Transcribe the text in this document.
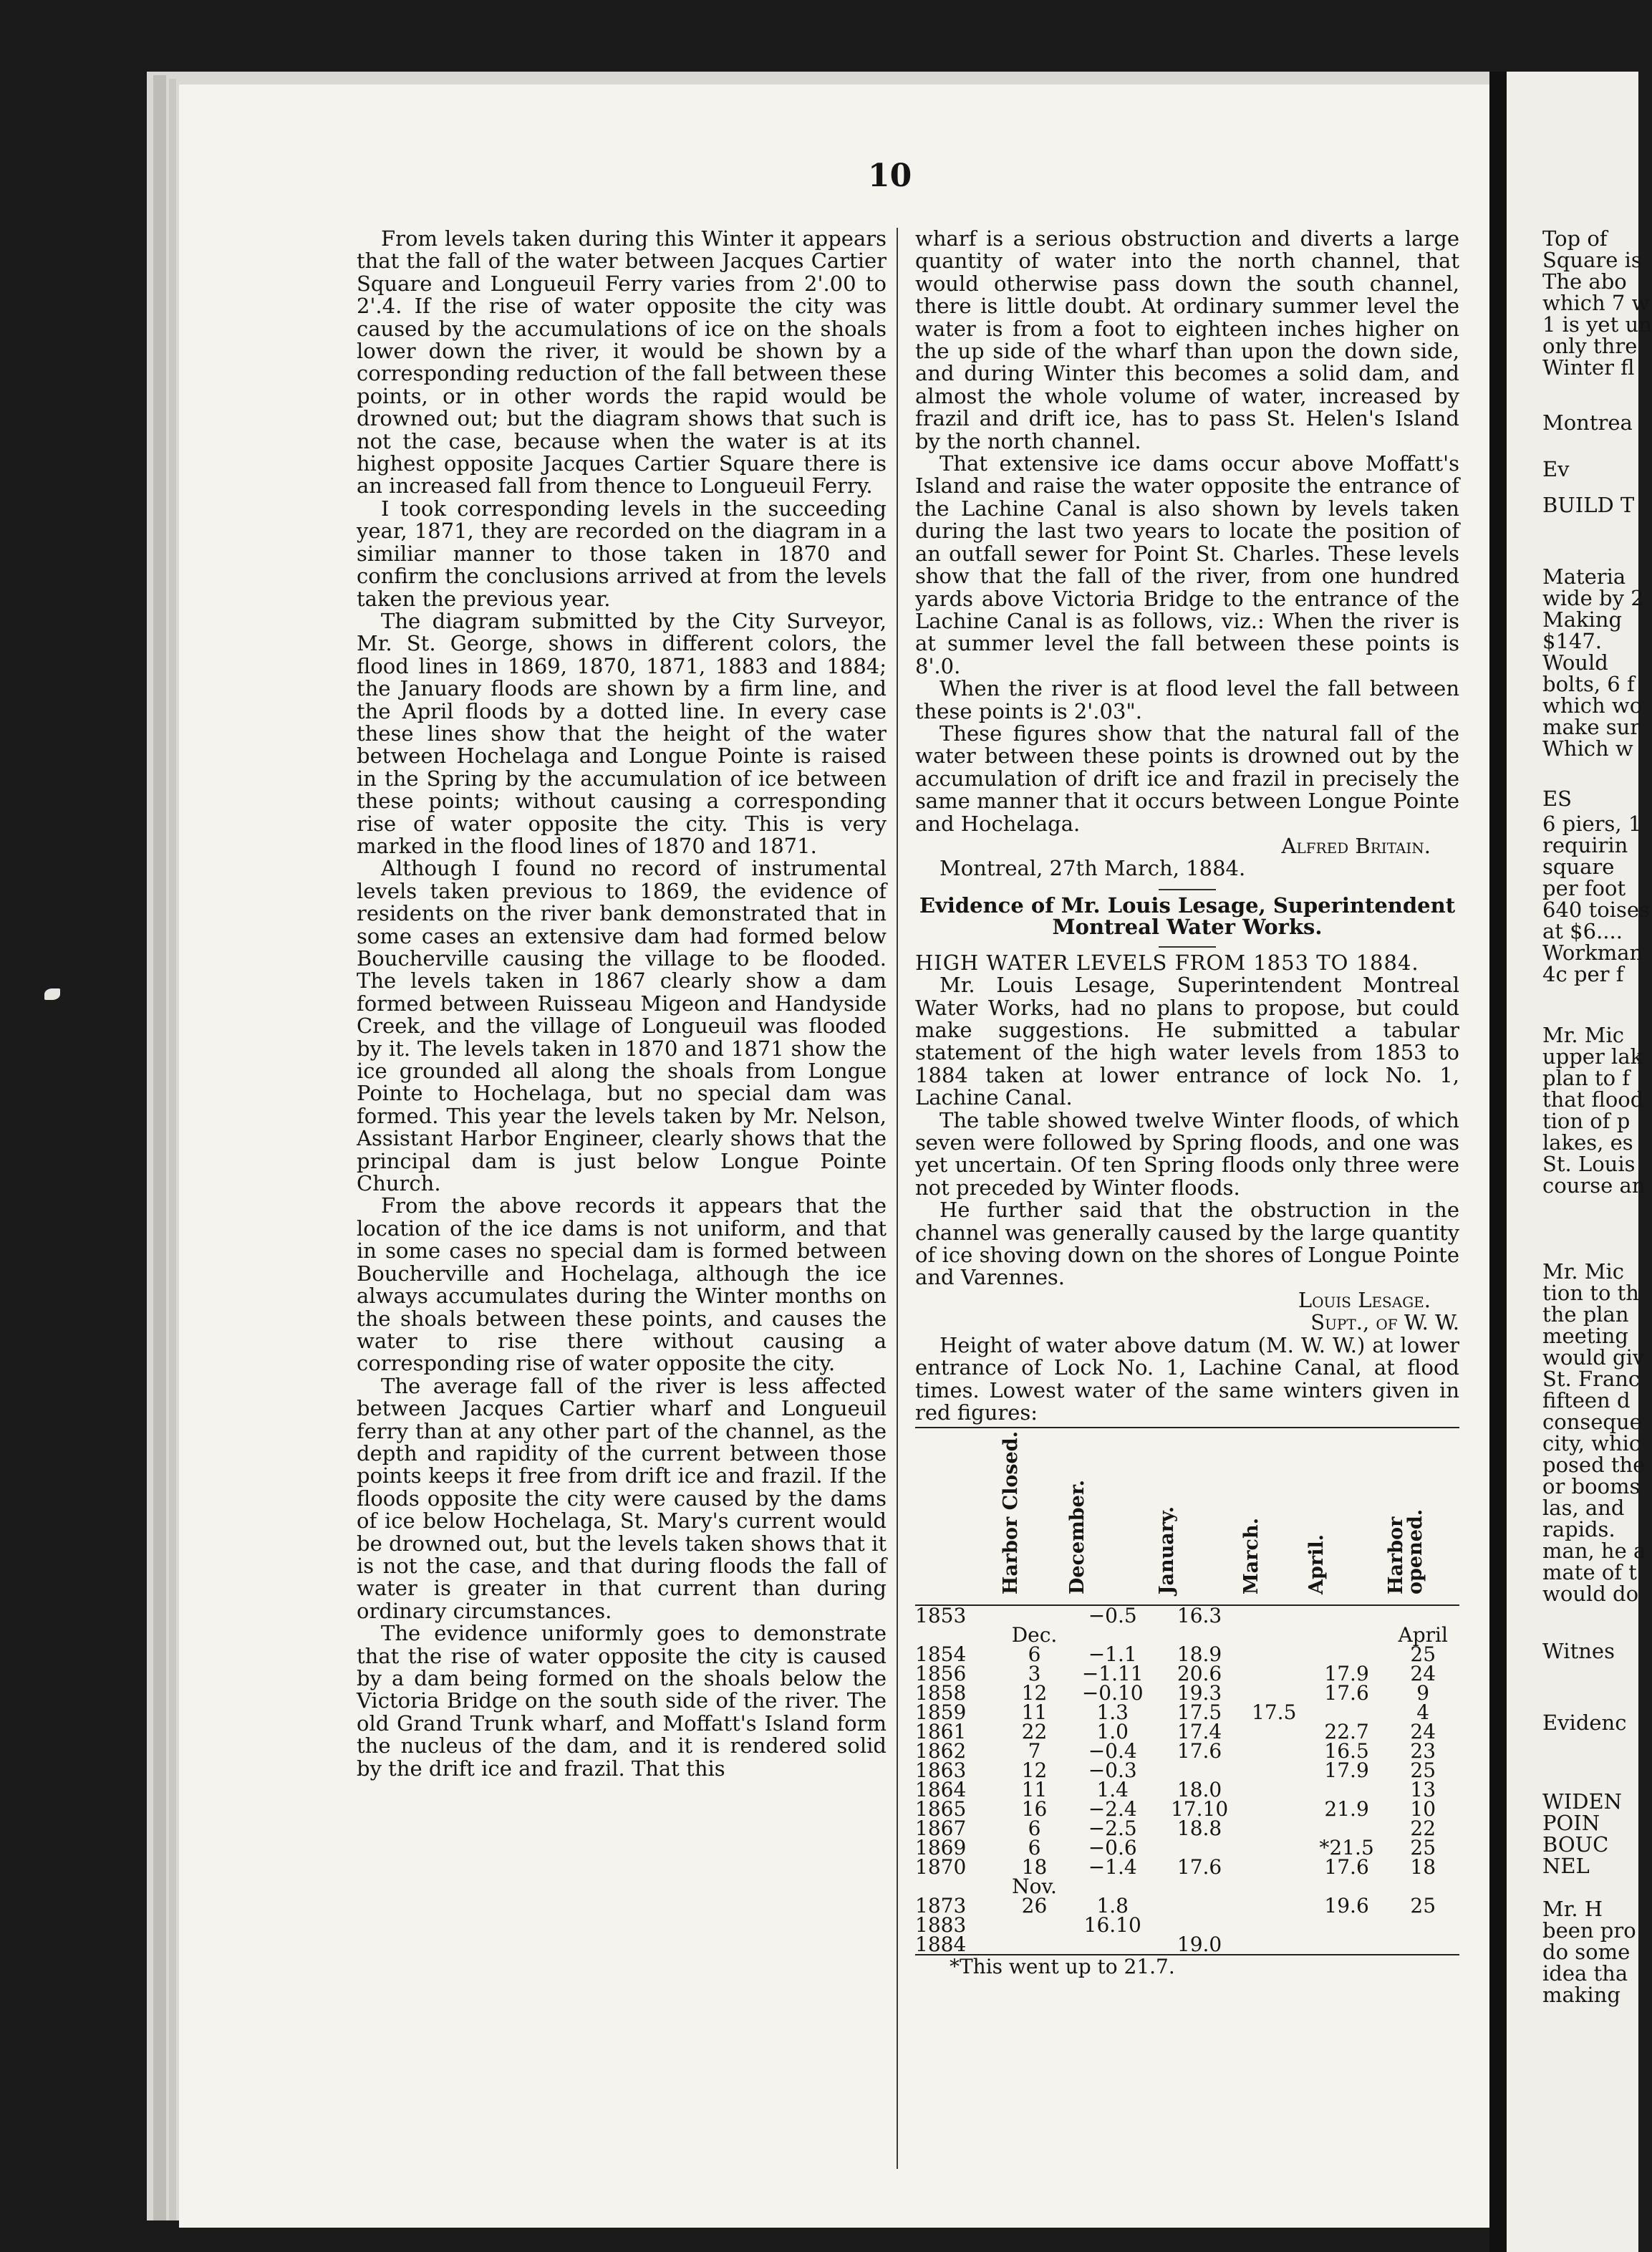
10

From levels taken during this Winter it appears that the fall of the water between Jacques Cartier Square and Longueuil Ferry varies from 2'.00 to 2'.4. If the rise of water opposite the city was caused by the accumulations of ice on the shoals lower down the river, it would be shown by a corresponding reduction of the fall between these points, or in other words the rapid would be drowned out; but the diagram shows that such is not the case, because when the water is at its highest opposite Jacques Cartier Square there is an increased fall from thence to Longueuil Ferry.

I took corresponding levels in the succeeding year, 1871, they are recorded on the diagram in a similiar manner to those taken in 1870 and confirm the conclusions arrived at from the levels taken the previous year.

The diagram submitted by the City Surveyor, Mr. St. George, shows in different colors, the flood lines in 1869, 1870, 1871, 1883 and 1884; the January floods are shown by a firm line, and the April floods by a dotted line. In every case these lines show that the height of the water between Hochelaga and Longue Pointe is raised in the Spring by the accumulation of ice between these points; without causing a corresponding rise of water opposite the city. This is very marked in the flood lines of 1870 and 1871.

Although I found no record of instrumental levels taken previous to 1869, the evidence of residents on the river bank demonstrated that in some cases an extensive dam had formed below Boucherville causing the village to be flooded. The levels taken in 1867 clearly show a dam formed between Ruisseau Migeon and Handyside Creek, and the village of Longueuil was flooded by it. The levels taken in 1870 and 1871 show the ice grounded all along the shoals from Longue Pointe to Hochelaga, but no special dam was formed. This year the levels taken by Mr. Nelson, Assistant Harbor Engineer, clearly shows that the principal dam is just below Longue Pointe Church.

From the above records it appears that the location of the ice dams is not uniform, and that in some cases no special dam is formed between Boucherville and Hochelaga, although the ice always accumulates during the Winter months on the shoals between these points, and causes the water to rise there without causing a corresponding rise of water opposite the city.

The average fall of the river is less affected between Jacques Cartier wharf and Longueuil ferry than at any other part of the channel, as the depth and rapidity of the current between those points keeps it free from drift ice and frazil. If the floods opposite the city were caused by the dams of ice below Hochelaga, St. Mary's current would be drowned out, but the levels taken shows that it is not the case, and that during floods the fall of water is greater in that current than during ordinary circumstances.

The evidence uniformly goes to demonstrate that the rise of water opposite the city is caused by a dam being formed on the shoals below the Victoria Bridge on the south side of the river. The old Grand Trunk wharf, and Moffatt's Island form the nucleus of the dam, and it is rendered solid by the drift ice and frazil. That this

wharf is a serious obstruction and diverts a large quantity of water into the north channel, that would otherwise pass down the south channel, there is little doubt. At ordinary summer level the water is from a foot to eighteen inches higher on the up side of the wharf than upon the down side, and during Winter this becomes a solid dam, and almost the whole volume of water, increased by frazil and drift ice, has to pass St. Helen's Island by the north channel.

That extensive ice dams occur above Moffatt's Island and raise the water opposite the entrance of the Lachine Canal is also shown by levels taken during the last two years to locate the position of an outfall sewer for Point St. Charles. These levels show that the fall of the river, from one hundred yards above Victoria Bridge to the entrance of the Lachine Canal is as follows, viz.: When the river is at summer level the fall between these points is 8'.0.

When the river is at flood level the fall between these points is 2'.03".

These figures show that the natural fall of the water between these points is drowned out by the accumulation of drift ice and frazil in precisely the same manner that it occurs between Longue Pointe and Hochelaga.

Alfred Britain.

Montreal, 27th March, 1884.

Evidence of Mr. Louis Lesage, Superintendent Montreal Water Works.

HIGH WATER LEVELS FROM 1853 TO 1884.

Mr. Louis Lesage, Superintendent Montreal Water Works, had no plans to propose, but could make suggestions. He submitted a tabular statement of the high water levels from 1853 to 1884 taken at lower entrance of lock No. 1, Lachine Canal.

The table showed twelve Winter floods, of which seven were followed by Spring floods, and one was yet uncertain. Of ten Spring floods only three were not preceded by Winter floods.

He further said that the obstruction in the channel was generally caused by the large quantity of ice shoving down on the shores of Longue Pointe and Varennes.

Louis Lesage.

Supt., of W. W.

Height of water above datum (M. W. W.) at lower entrance of Lock No. 1, Lachine Canal, at flood times. Lowest water of the same winters given in red figures:

	Harbor Closed.	December.	January.	March.	April.	Harbor opened.
1853		−0.5	16.3			
	Dec.					April
1854	6	−1.1	18.9			25
1856	3	−1.11	20.6		17.9	24
1858	12	−0.10	19.3		17.6	9
1859	11	1.3	17.5	17.5		4
1861	22	1.0	17.4		22.7	24
1862	7	−0.4	17.6		16.5	23
1863	12	−0.3			17.9	25
1864	11	1.4	18.0			13
1865	16	−2.4	17.10		21.9	10
1867	6	−2.5	18.8			22
1869	6	−0.6			*21.5	25
1870	18	−1.4	17.6		17.6	18
	Nov.					
1873	26	1.8			19.6	25
1883		16.10				
1884			19.0			

*This went up to 21.7.

Top of
Square is
The abo
which 7 w
1 is yet un
only thre
Winter fl
Montrea
Ev
BUILD T
Materia
wide by 2
Making
$147.
Would
bolts, 6 f
which wo
make sur
Which w
ES
6 piers, 1
requirin
square
per foot
640 toises
at $6....
Workman
4c per f
Mr. Mic
upper lak
plan to f
that flood
tion of p
lakes, es
St. Louis
course an
Mr. Mic
tion to th
the plan
meeting
would giv
St. Franc
fifteen d
conseque
city, whic
posed the
or booms
las, and
rapids.
man, he a
mate of t
would do
Witnes
Evidenc
WIDEN
POIN
BOUC
NEL
Mr. H
been pro
do some
idea tha
making
